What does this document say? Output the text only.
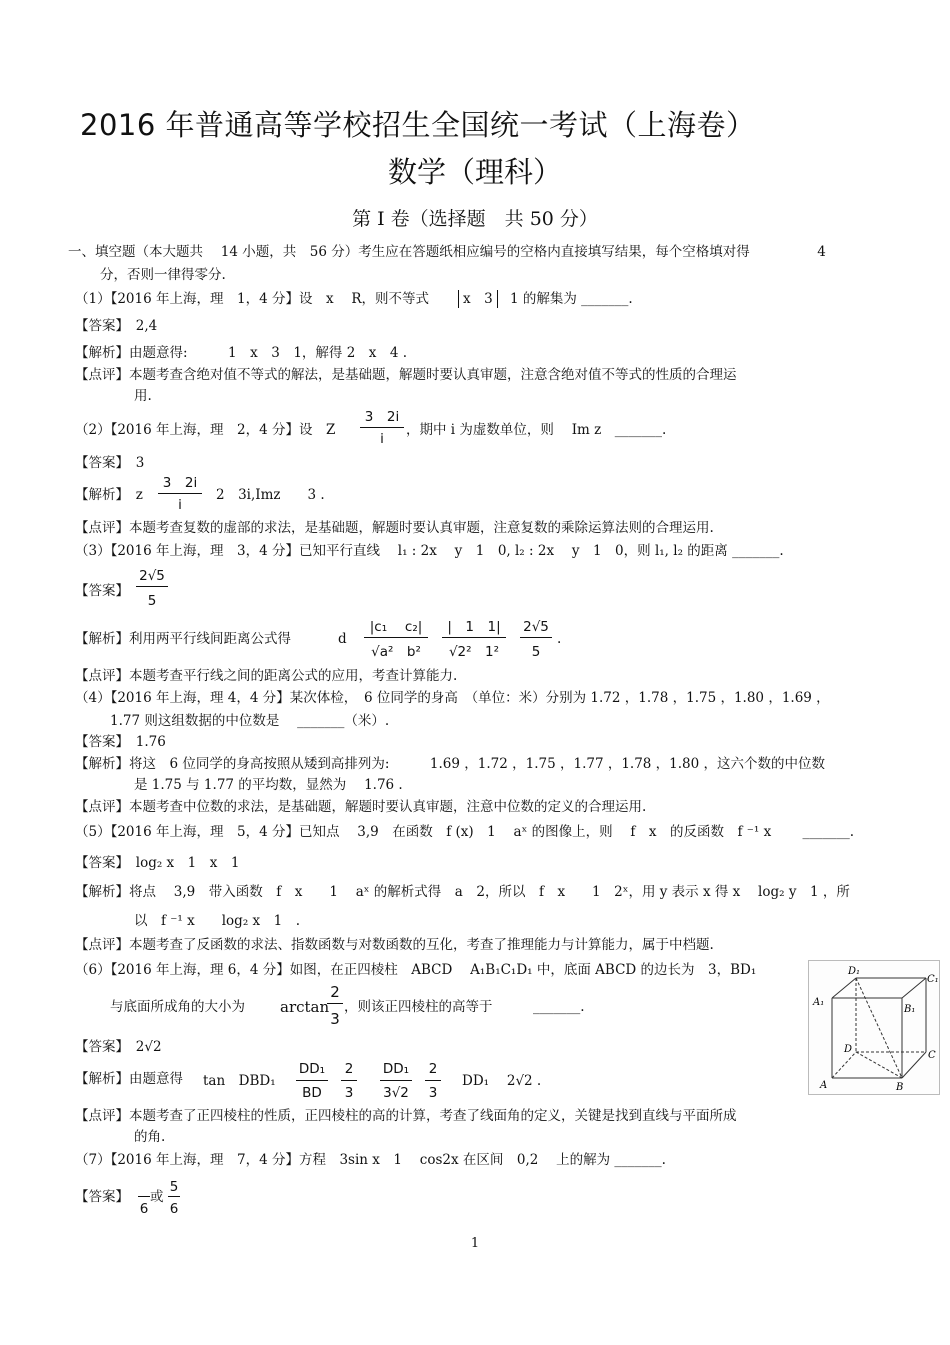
2016 年普通高等学校招生全国统一考试（上海卷）
数学（理科）
第 I 卷（选择题　共 50 分）
一、填空题（本大题共　 14 小题，共　56 分）考生应在答题纸相应编号的空格内直接填写结果，每个空格填对得　　　　　4
分，否则一律得零分.
（1）【2016 年上海，理　1，4 分】设　x　 R，则不等式	x　3	1 的解集为 _______.
【答案】　2,4
【解析】由题意得:　　　1　x　3　1，解得 2　x　4 .
【点评】本题考查含绝对值不等式的解法，是基础题，解题时要认真审题，注意含绝对值不等式的性质的合理运
用.
（2）【2016 年上海，理　2，4 分】设　Z
3　2i
i
，期中 i 为虚数单位，则　 Im z　_______.
【答案】　3
【解析】　z
3　2i
i
2　3i,Imz　　3 .
【点评】本题考查复数的虚部的求法，是基础题，解题时要认真审题，注意复数的乘除运算法则的合理运用.
（3）【2016 年上海，理　3，4 分】已知平行直线　 l₁ : 2x　 y　1　0, l₂ : 2x　 y　1　0，则 l₁, l₂ 的距离 _______.
【答案】
2√5
5
【解析】利用两平行线间距离公式得	d
|c₁　 c₂|
√a²　b²
|　1　1|
√2²　1²
2√5
5
.
【点评】本题考查平行线之间的距离公式的应用，考查计算能力.
（4）【2016 年上海，理 4，4 分】某次体检，　6 位同学的身高　（单位：米）分别为 1.72 ，1.78 ，1.75 ，1.80 ，1.69 ，
1.77 则这组数据的中位数是　 _______（米）.
【答案】　1.76
【解析】将这　6 位同学的身高按照从矮到高排列为:　　　1.69 ，1.72 ，1.75 ，1.77 ，1.78 ，1.80 ，这六个数的中位数
是 1.75 与 1.77 的平均数，显然为　 1.76 .
【点评】本题考查中位数的求法，是基础题，解题时要认真审题，注意中位数的定义的合理运用.
（5）【2016 年上海，理　5，4 分】已知点　 3,9　在函数　f (x)　1　 aˣ 的图像上，则　 f　x　的反函数　f ⁻¹ x　　 _______.
【答案】　log₂ x　1　x　1
【解析】将点　 3,9　带入函数　f　x　　1　 aˣ 的解析式得　a　2，所以　f　x　　1　2ˣ，用 y 表示 x 得 x　 log₂ y　1 ，所
以　f ⁻¹ x　　log₂ x　1　.
【点评】本题考查了反函数的求法、指数函数与对数函数的互化，考查了推理能力与计算能力，属于中档题.
（6）【2016 年上海，理 6，4 分】如图，在正四棱柱　ABCD　 A₁B₁C₁D₁ 中，底面 ABCD 的边长为　3，BD₁
与底面所成角的大小为 arctan
2
3
，则该正四棱柱的高等于　　　_______.
【答案】　2√2
【解析】由题意得 tan　DBD₁
DD₁
BD
2
3
DD₁
3√2
2
3
DD₁　 2√2 .
【点评】本题考查了正四棱柱的性质，正四棱柱的高的计算，考查了线面角的定义，关键是找到直线与平面所成
的角.
D₁
C₁
A₁
B₁
D
C
A	B
（7）【2016 年上海，理　7，4 分】方程　3sin x　1　 cos2x 在区间　0,2　 上的解为 _______.
【答案】
6
或
5
6
1
